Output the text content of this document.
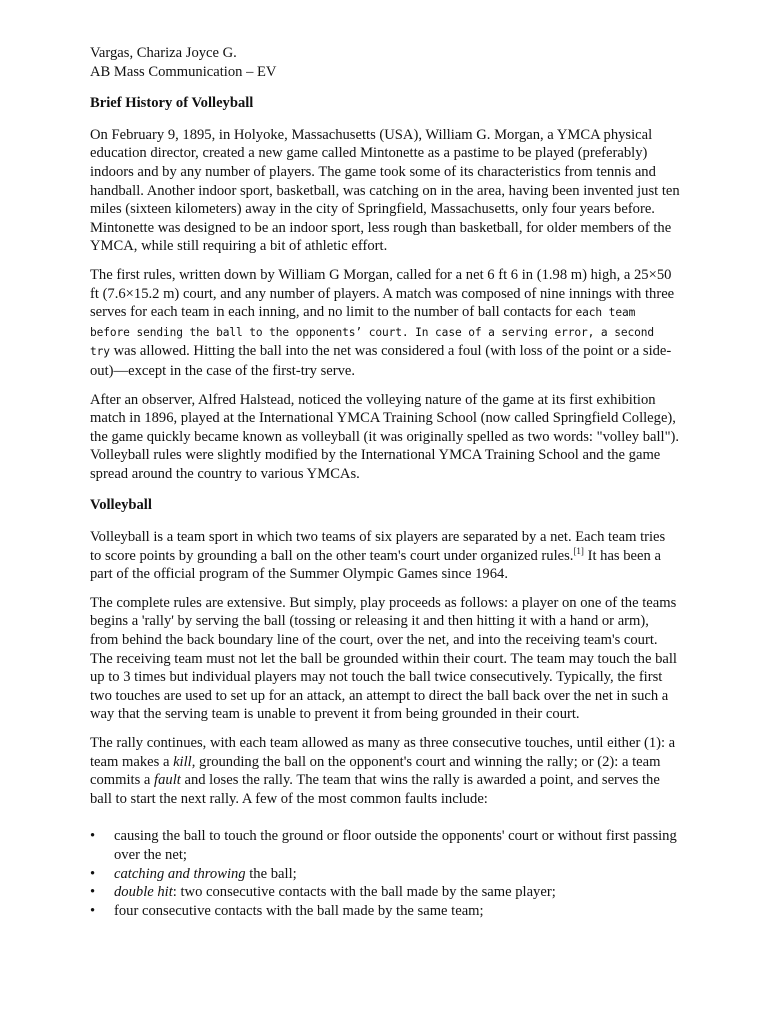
Vargas, Chariza Joyce G.

AB Mass Communication – EV

Brief History of Volleyball

On February 9, 1895, in Holyoke, Massachusetts (USA), William G. Morgan, a YMCA physical education director, created a new game called Mintonette as a pastime to be played (preferably) indoors and by any number of players. The game took some of its characteristics from tennis and handball. Another indoor sport, basketball, was catching on in the area, having been invented just ten miles (sixteen kilometers) away in the city of Springfield, Massachusetts, only four years before. Mintonette was designed to be an indoor sport, less rough than basketball, for older members of the YMCA, while still requiring a bit of athletic effort.

The first rules, written down by William G Morgan, called for a net 6 ft 6 in (1.98 m) high, a 25×50 ft (7.6×15.2 m) court, and any number of players. A match was composed of nine innings with three serves for each team in each inning, and no limit to the number of ball contacts for each team before sending the ball to the opponents’ court. In case of a serving error, a second try was allowed. Hitting the ball into the net was considered a foul (with loss of the point or a side-out)—except in the case of the first-try serve.

After an observer, Alfred Halstead, noticed the volleying nature of the game at its first exhibition match in 1896, played at the International YMCA Training School (now called Springfield College), the game quickly became known as volleyball (it was originally spelled as two words: "volley ball"). Volleyball rules were slightly modified by the International YMCA Training School and the game spread around the country to various YMCAs.

Volleyball

Volleyball is a team sport in which two teams of six players are separated by a net. Each team tries to score points by grounding a ball on the other team's court under organized rules.[1] It has been a part of the official program of the Summer Olympic Games since 1964.

The complete rules are extensive. But simply, play proceeds as follows: a player on one of the teams begins a 'rally' by serving the ball (tossing or releasing it and then hitting it with a hand or arm), from behind the back boundary line of the court, over the net, and into the receiving team's court. The receiving team must not let the ball be grounded within their court. The team may touch the ball up to 3 times but individual players may not touch the ball twice consecutively. Typically, the first two touches are used to set up for an attack, an attempt to direct the ball back over the net in such a way that the serving team is unable to prevent it from being grounded in their court.

The rally continues, with each team allowed as many as three consecutive touches, until either (1): a team makes a kill, grounding the ball on the opponent's court and winning the rally; or (2): a team commits a fault and loses the rally. The team that wins the rally is awarded a point, and serves the ball to start the next rally. A few of the most common faults include:

• causing the ball to touch the ground or floor outside the opponents' court or without first passing over the net;
• catching and throwing the ball;
• double hit: two consecutive contacts with the ball made by the same player;
• four consecutive contacts with the ball made by the same team;
